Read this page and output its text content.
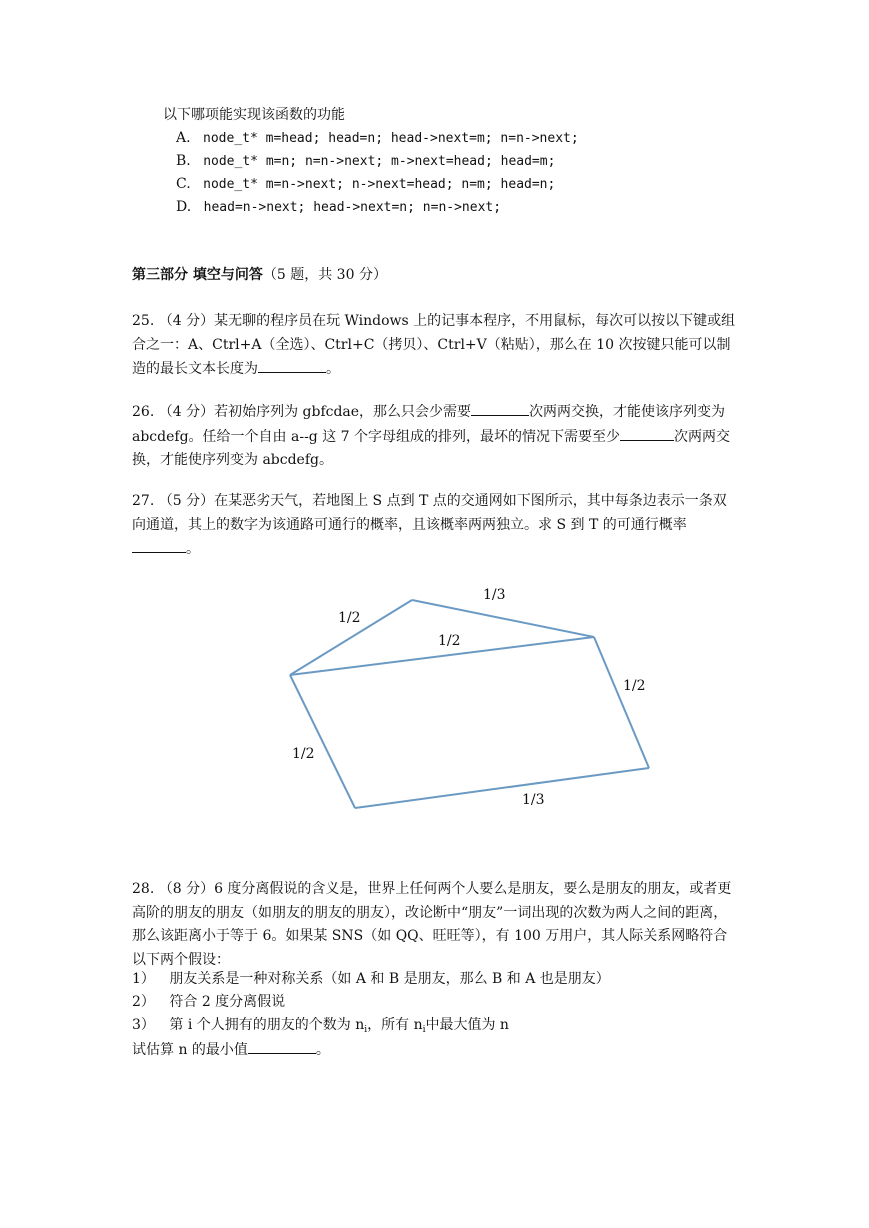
以下哪项能实现该函数的功能
A. node_t* m=head; head=n; head->next=m; n=n->next;
B. node_t* m=n; n=n->next; m->next=head; head=m;
C. node_t* m=n->next; n->next=head; n=m; head=n;
D. head=n->next; head->next=n; n=n->next;
第三部分 填空与问答（5 题，共 30 分）
25. （4 分）某无聊的程序员在玩 Windows 上的记事本程序，不用鼠标，每次可以按以下键或组合之一：A、Ctrl+A（全选）、Ctrl+C（拷贝）、Ctrl+V（粘贴），那么在 10 次按键只能可以制造的最长文本长度为	。
26. （4 分）若初始序列为 gbfcdae，那么只会少需要	次两两交换，才能使该序列变为 abcdefg。任给一个自由 a--g 这 7 个字母组成的排列，最坏的情况下需要至少	次两两交换，才能使序列变为 abcdefg。
27. （5 分）在某恶劣天气，若地图上 S 点到 T 点的交通网如下图所示，其中每条边表示一条双向通道，其上的数字为该通路可通行的概率，且该概率两两独立。求 S 到 T 的可通行概率。
1/2
1/3
1/2
1/2
1/2
1/3
28. （8 分）6 度分离假说的含义是，世界上任何两个人要么是朋友，要么是朋友的朋友，或者更高阶的朋友的朋友（如朋友的朋友的朋友），改论断中“朋友”一词出现的次数为两人之间的距离，那么该距离小于等于 6。如果某 SNS（如 QQ、旺旺等），有 100 万用户，其人际关系网略符合以下两个假设：
1） 朋友关系是一种对称关系（如 A 和 B 是朋友，那么 B 和 A 也是朋友）
2） 符合 2 度分离假说
3） 第 i 个人拥有的朋友的个数为 $n_i$，所有 $n_i$中最大值为 n
试估算 n 的最小值	。
